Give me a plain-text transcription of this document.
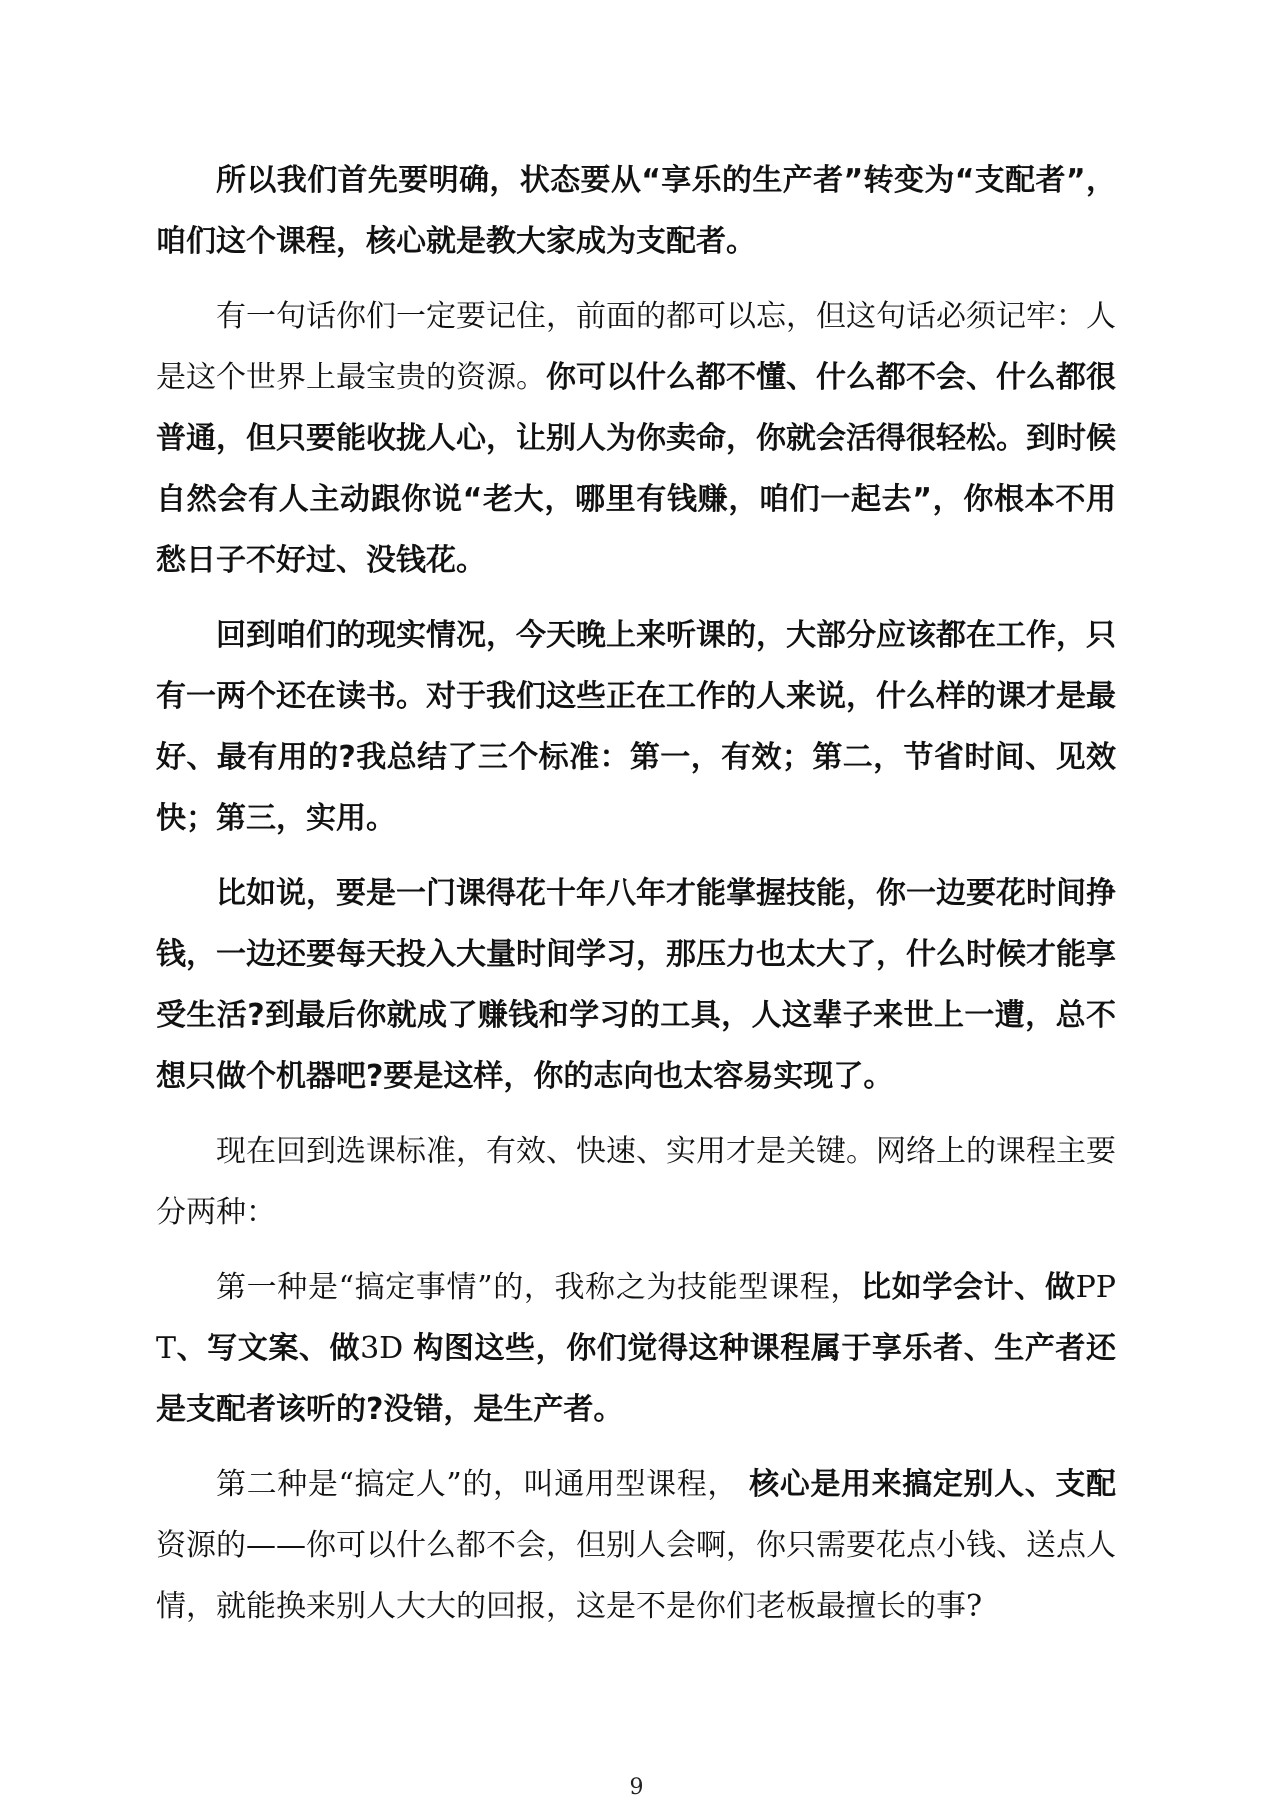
所以我们首先要明确，状态要从“享乐的生产者”转变为“支配者”，咱们这个课程，核心就是教大家成为支配者。

有一句话你们一定要记住，前面的都可以忘，但这句话必须记牢：人是这个世界上最宝贵的资源。你可以什么都不懂、什么都不会、什么都很普通，但只要能收拢人心，让别人为你卖命，你就会活得很轻松。到时候自然会有人主动跟你说“老大，哪里有钱赚，咱们一起去”，你根本不用愁日子不好过、没钱花。

回到咱们的现实情况，今天晚上来听课的，大部分应该都在工作，只有一两个还在读书。对于我们这些正在工作的人来说，什么样的课才是最好、最有用的?我总结了三个标准：第一，有效；第二，节省时间、见效快；第三，实用。

比如说，要是一门课得花十年八年才能掌握技能，你一边要花时间挣钱，一边还要每天投入大量时间学习，那压力也太大了，什么时候才能享受生活?到最后你就成了赚钱和学习的工具，人这辈子来世上一遭，总不想只做个机器吧?要是这样，你的志向也太容易实现了。

现在回到选课标准，有效、快速、实用才是关键。网络上的课程主要分两种：

第一种是“搞定事情”的，我称之为技能型课程，比如学会计、做PPT、写文案、做3D 构图这些，你们觉得这种课程属于享乐者、生产者还是支配者该听的?没错，是生产者。

第二种是“搞定人”的，叫通用型课程， 核心是用来搞定别人、支配资源的——你可以什么都不会，但别人会啊，你只需要花点小钱、送点人情，就能换来别人大大的回报，这是不是你们老板最擅长的事?

9
